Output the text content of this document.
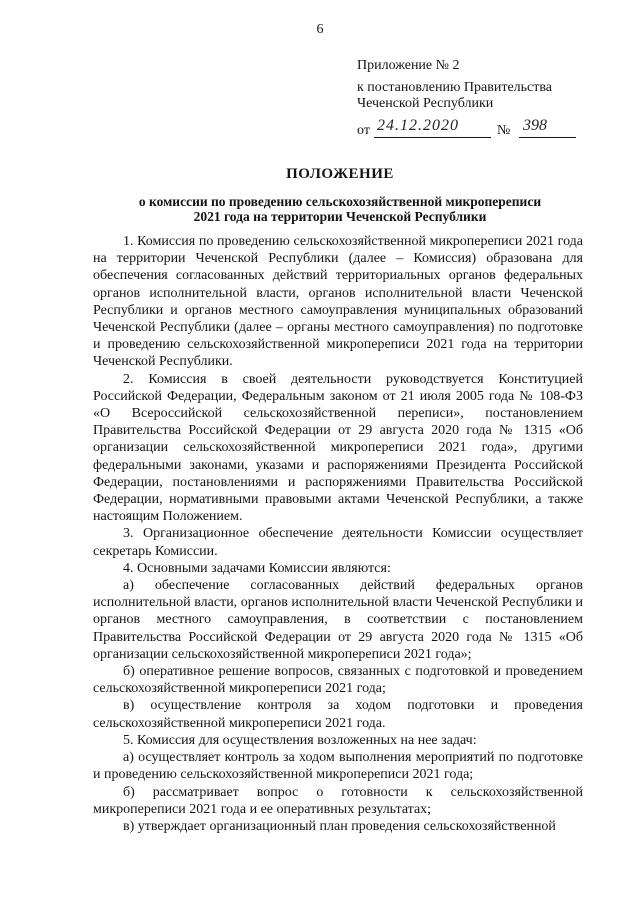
6
Приложение № 2
к постановлению Правительства
Чеченской Республики
от 24.12.2020	№ 398
ПОЛОЖЕНИЕ
о комиссии по проведению сельскохозяйственной микропереписи
2021 года на территории Чеченской Республики

1. Комиссия по проведению сельскохозяйственной микропереписи 2021 года на территории Чеченской Республики (далее – Комиссия) образована для обеспечения согласованных действий территориальных органов федеральных органов исполнительной власти, органов исполнительной власти Чеченской Республики и органов местного самоуправления муниципальных образований Чеченской Республики (далее – органы местного самоуправления) по подготовке и проведению сельскохозяйственной микропереписи 2021 года на территории Чеченской Республики.

2. Комиссия в своей деятельности руководствуется Конституцией Российской Федерации, Федеральным законом от 21 июля 2005 года № 108-ФЗ «О Всероссийской сельскохозяйственной переписи», постановлением Правительства Российской Федерации от 29 августа 2020 года № 1315 «Об организации сельскохозяйственной микропереписи 2021 года», другими федеральными законами, указами и распоряжениями Президента Российской Федерации, постановлениями и распоряжениями Правительства Российской Федерации, нормативными правовыми актами Чеченской Республики, а также настоящим Положением.

3. Организационное обеспечение деятельности Комиссии осуществляет секретарь Комиссии.

4. Основными задачами Комиссии являются:

а) обеспечение согласованных действий федеральных органов исполнительной власти, органов исполнительной власти Чеченской Республики и органов местного самоуправления, в соответствии с постановлением Правительства Российской Федерации от 29 августа 2020 года № 1315 «Об организации сельскохозяйственной микропереписи 2021 года»;

б) оперативное решение вопросов, связанных с подготовкой и проведением сельскохозяйственной микропереписи 2021 года;

в) осуществление контроля за ходом подготовки и проведения сельскохозяйственной микропереписи 2021 года.

5. Комиссия для осуществления возложенных на нее задач:

а) осуществляет контроль за ходом выполнения мероприятий по подготовке и проведению сельскохозяйственной микропереписи 2021 года;

б) рассматривает вопрос о готовности к сельскохозяйственной микропереписи 2021 года и ее оперативных результатах;

в) утверждает организационный план проведения сельскохозяйственной
